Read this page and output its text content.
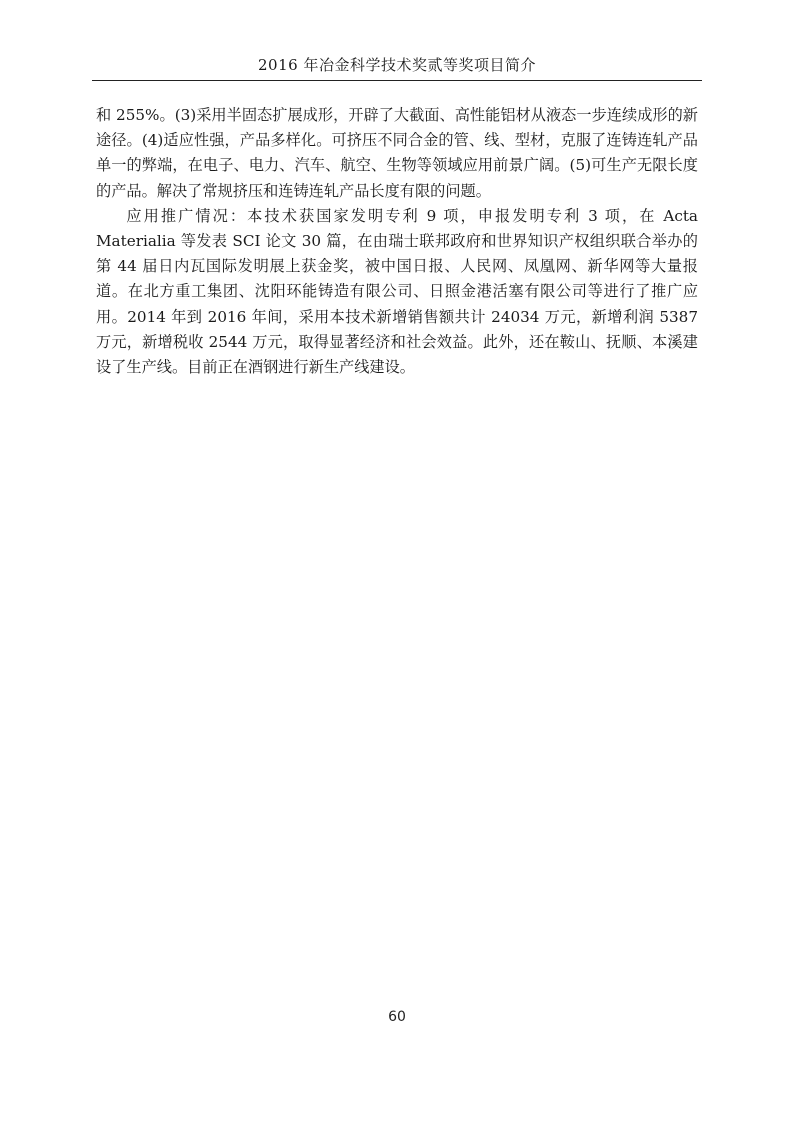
2016 年冶金科学技术奖贰等奖项目简介

和 255%。(3)采用半固态扩展成形，开辟了大截面、高性能铝材从液态一步连续成形的新途径。(4)适应性强，产品多样化。可挤压不同合金的管、线、型材，克服了连铸连轧产品单一的弊端，在电子、电力、汽车、航空、生物等领域应用前景广阔。(5)可生产无限长度的产品。解决了常规挤压和连铸连轧产品长度有限的问题。

应用推广情况：本技术获国家发明专利 9 项，申报发明专利 3 项，在 Acta Materialia 等发表 SCI 论文 30 篇，在由瑞士联邦政府和世界知识产权组织联合举办的第 44 届日内瓦国际发明展上获金奖，被中国日报、人民网、凤凰网、新华网等大量报道。在北方重工集团、沈阳环能铸造有限公司、日照金港活塞有限公司等进行了推广应用。2014 年到 2016 年间，采用本技术新增销售额共计 24034 万元，新增利润 5387 万元，新增税收 2544 万元，取得显著经济和社会效益。此外，还在鞍山、抚顺、本溪建设了生产线。目前正在酒钢进行新生产线建设。

60
